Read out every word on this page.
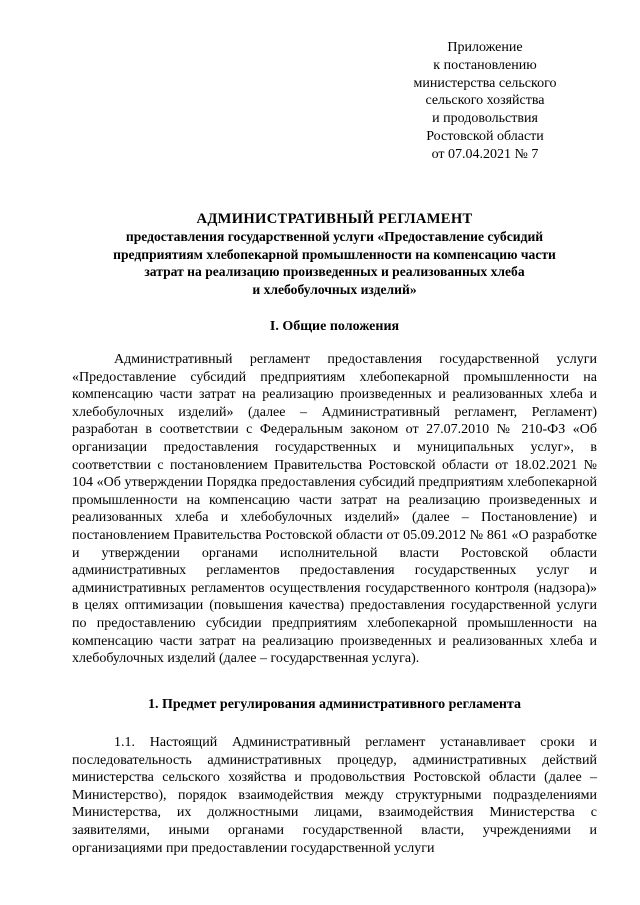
Приложение
к постановлению
министерства сельского
сельского хозяйства
и продовольствия
Ростовской области
от 07.04.2021 № 7
АДМИНИСТРАТИВНЫЙ РЕГЛАМЕНТ
предоставления государственной услуги «Предоставление субсидий
предприятиям хлебопекарной промышленности на компенсацию части
затрат на реализацию произведенных и реализованных хлеба
и хлебобулочных изделий»
I. Общие положения
Административный регламент предоставления государственной услуги «Предоставление субсидий предприятиям хлебопекарной промышленности на компенсацию части затрат на реализацию произведенных и реализованных хлеба и хлебобулочных изделий» (далее – Административный регламент, Регламент) разработан в соответствии с Федеральным законом от 27.07.2010 № 210-ФЗ «Об организации предоставления государственных и муниципальных услуг», в соответствии с постановлением Правительства Ростовской области от 18.02.2021 № 104 «Об утверждении Порядка предоставления субсидий предприятиям хлебопекарной промышленности на компенсацию части затрат на реализацию произведенных и реализованных хлеба и хлебобулочных изделий» (далее – Постановление) и постановлением Правительства Ростовской области от 05.09.2012 № 861 «О разработке и утверждении органами исполнительной власти Ростовской области административных регламентов предоставления государственных услуг и административных регламентов осуществления государственного контроля (надзора)» в целях оптимизации (повышения качества) предоставления государственной услуги по предоставлению субсидии предприятиям хлебопекарной промышленности на компенсацию части затрат на реализацию произведенных и реализованных хлеба и хлебобулочных изделий (далее – государственная услуга).
1. Предмет регулирования административного регламента
1.1. Настоящий Административный регламент устанавливает сроки и последовательность административных процедур, административных действий министерства сельского хозяйства и продовольствия Ростовской области (далее – Министерство), порядок взаимодействия между структурными подразделениями Министерства, их должностными лицами, взаимодействия Министерства с заявителями, иными органами государственной власти, учреждениями и организациями при предоставлении государственной услуги
